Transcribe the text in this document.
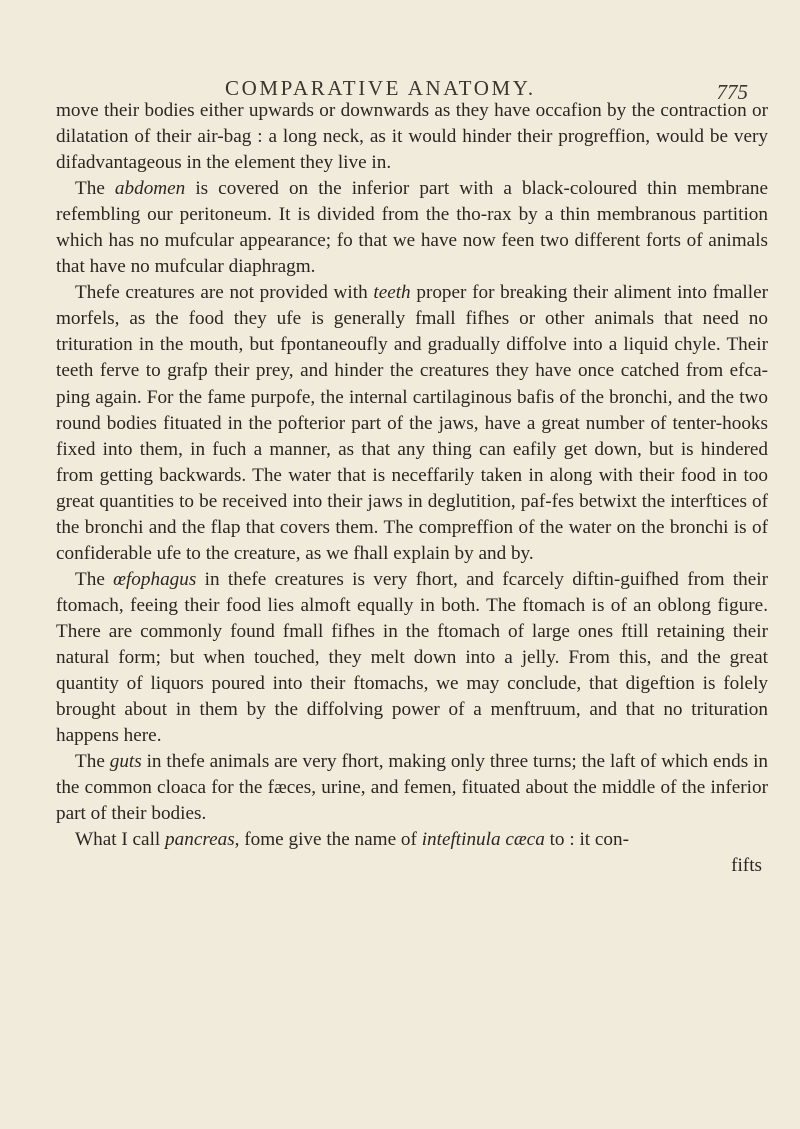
COMPARATIVE ANATOMY.	775

move their bodies either upwards or downwards as they have occafion by the contraction or dilatation of their air-bag : a long neck, as it would hinder their progreffion, would be very difadvantageous in the element they live in.

The abdomen is covered on the inferior part with a black-coloured thin membrane refembling our peritoneum. It is divided from the tho-rax by a thin membranous partition which has no mufcular appearance; fo that we have now feen two different forts of animals that have no mufcular diaphragm.

Thefe creatures are not provided with teeth proper for breaking their aliment into fmaller morfels, as the food they ufe is generally fmall fifhes or other animals that need no trituration in the mouth, but fpontaneoufly and gradually diffolve into a liquid chyle. Their teeth ferve to grafp their prey, and hinder the creatures they have once catched from efca-ping again. For the fame purpofe, the internal cartilaginous bafis of the bronchi, and the two round bodies fituated in the pofterior part of the jaws, have a great number of tenter-hooks fixed into them, in fuch a manner, as that any thing can eafily get down, but is hindered from getting backwards. The water that is neceffarily taken in along with their food in too great quantities to be received into their jaws in deglutition, paf-fes betwixt the interftices of the bronchi and the flap that covers them. The compreffion of the water on the bronchi is of confiderable ufe to the creature, as we fhall explain by and by.

The œfophagus in thefe creatures is very fhort, and fcarcely diftin-guifhed from their ftomach, feeing their food lies almoft equally in both. The ftomach is of an oblong figure. There are commonly found fmall fifhes in the ftomach of large ones ftill retaining their natural form; but when touched, they melt down into a jelly. From this, and the great quantity of liquors poured into their ftomachs, we may conclude, that digeftion is folely brought about in them by the diffolving power of a menftruum, and that no trituration happens here.

The guts in thefe animals are very fhort, making only three turns; the laft of which ends in the common cloaca for the fæces, urine, and femen, fituated about the middle of the inferior part of their bodies.

What I call pancreas, fome give the name of inteftinula cæca to : it con-

fifts
